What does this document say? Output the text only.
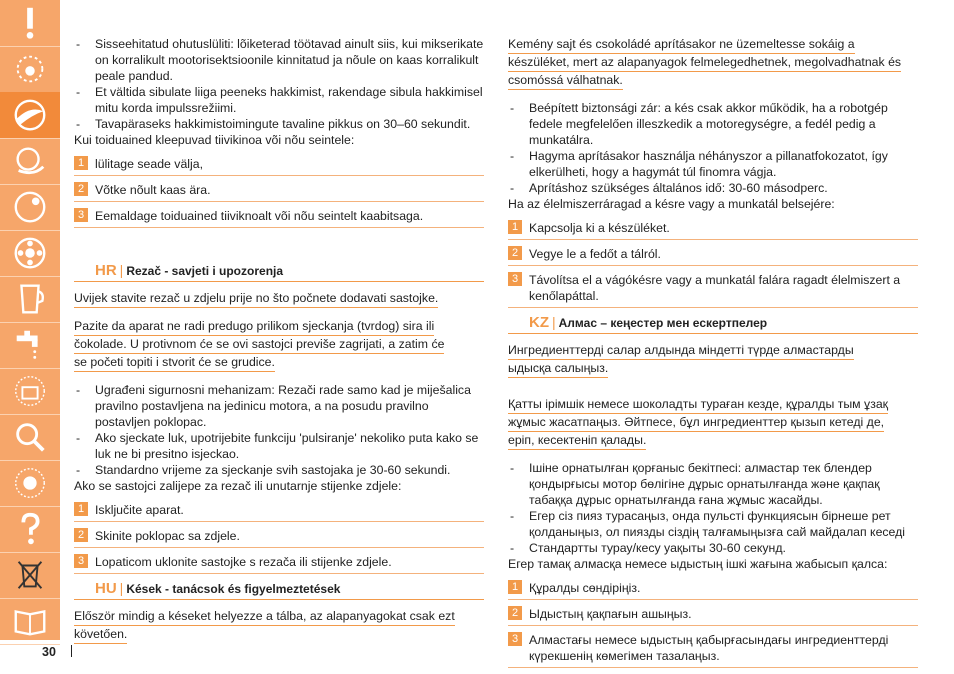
- Sisseehitatud ohutuslüliti: lõiketerad töötavad ainult siis, kui mikserikate on korralikult mootorisektsioonile kinnitatud ja nõule on kaas korralikult peale pandud.
- Et vältida sibulate liiga peeneks hakkimist, rakendage sibula hakkimisel mitu korda impulssrežiimi.
- Tavapäraseks hakkimistoimingute tavaline pikkus on 30–60 sekundit.
Kui toiduained kleepuvad tiivikinoa või nõu seintele:
1 lülitage seade välja,
2 Võtke nõult kaas ära.
3 Eemaldage toiduained tiiviknoalt või nõu seintelt kaabitsaga.
HR | Rezač - savjeti i upozorenja
Uvijek stavite rezač u zdjelu prije no što počnete dodavati sastojke.
Pazite da aparat ne radi predugo prilikom sjeckanja (tvrdog) sira ili
čokolade. U protivnom će se ovi sastojci previše zagrijati, a zatim će
se početi topiti i stvorit će se grudice.
- Ugrađeni sigurnosni mehanizam: Rezači rade samo kad je miješalica pravilno postavljena na jedinicu motora, a na posudu pravilno postavljen poklopac.
- Ako sjeckate luk, upotrijebite funkciju 'pulsiranje' nekoliko puta kako se luk ne bi presitno isjeckao.
- Standardno vrijeme za sjeckanje svih sastojaka je 30-60 sekundi.
Ako se sastojci zalijepe za rezač ili unutarnje stijenke zdjele:
1 Isključite aparat.
2 Skinite poklopac sa zdjele.
3 Lopaticom uklonite sastojke s rezača ili stijenke zdjele.
HU | Kések - tanácsok és figyelmeztetések
Először mindig a késeket helyezze a tálba, az alapanyagokat csak ezt
követően.
Kemény sajt és csokoládé aprításakor ne üzemeltesse sokáig a
készüléket, mert az alapanyagok felmelegedhetnek, megolvadhatnak és
csomóssá válhatnak.
- Beépített biztonsági zár: a kés csak akkor működik, ha a robotgép fedele megfelelően illeszkedik a motoregységre, a fedél pedig a munkatálra.
- Hagyma aprításakor használja néhányszor a pillanatfokozatot, így elkerülheti, hogy a hagymát túl finomra vágja.
- Aprításhoz szükséges általános idő: 30-60 másodperc.
Ha az élelmiszerráragad a késre vagy a munkatál belsejére:
1 Kapcsolja ki a készüléket.
2 Vegye le a fedőt a tálról.
3 Távolítsa el a vágókésre vagy a munkatál falára ragadt élelmiszert a kenőlapáttal.
KZ | Алмас – кеңестер мен ескертпелер
Ингредиенттерді салар алдында міндетті түрде алмастарды
ыдысқа салыңыз.
Қатты ірімшік немесе шоколадты тураған кезде, құралды тым ұзақ
жұмыс жасатпаңыз. Әйтпесе, бұл ингредиенттер қызып кетеді де,
еріп, кесектеніп қалады.
- Ішіне орнатылған қорғаныс бекітпесі: алмастар тек блендер қондырғысы мотор бөлігіне дұрыс орнатылғанда және қақпақ табаққа дұрыс орнатылғанда ғана жұмыс жасайды.
- Егер сіз пияз турасаңыз, онда пульсті функциясын бірнеше рет қолданыңыз, ол пиязды сіздің талғамыңызға сай майдалап кеседі
- Стандартты турау/кесу уақыты 30-60 секунд.
Егер тамақ алмасқа немесе ыдыстың ішкі жағына жабысып қалса:
1 Құралды сөндіріңіз.
2 Ыдыстың қақпағын ашыңыз.
3 Алмастағы немесе ыдыстың қабырғасындағы ингредиенттерді күрекшенің көмегімен тазалаңыз.
30
